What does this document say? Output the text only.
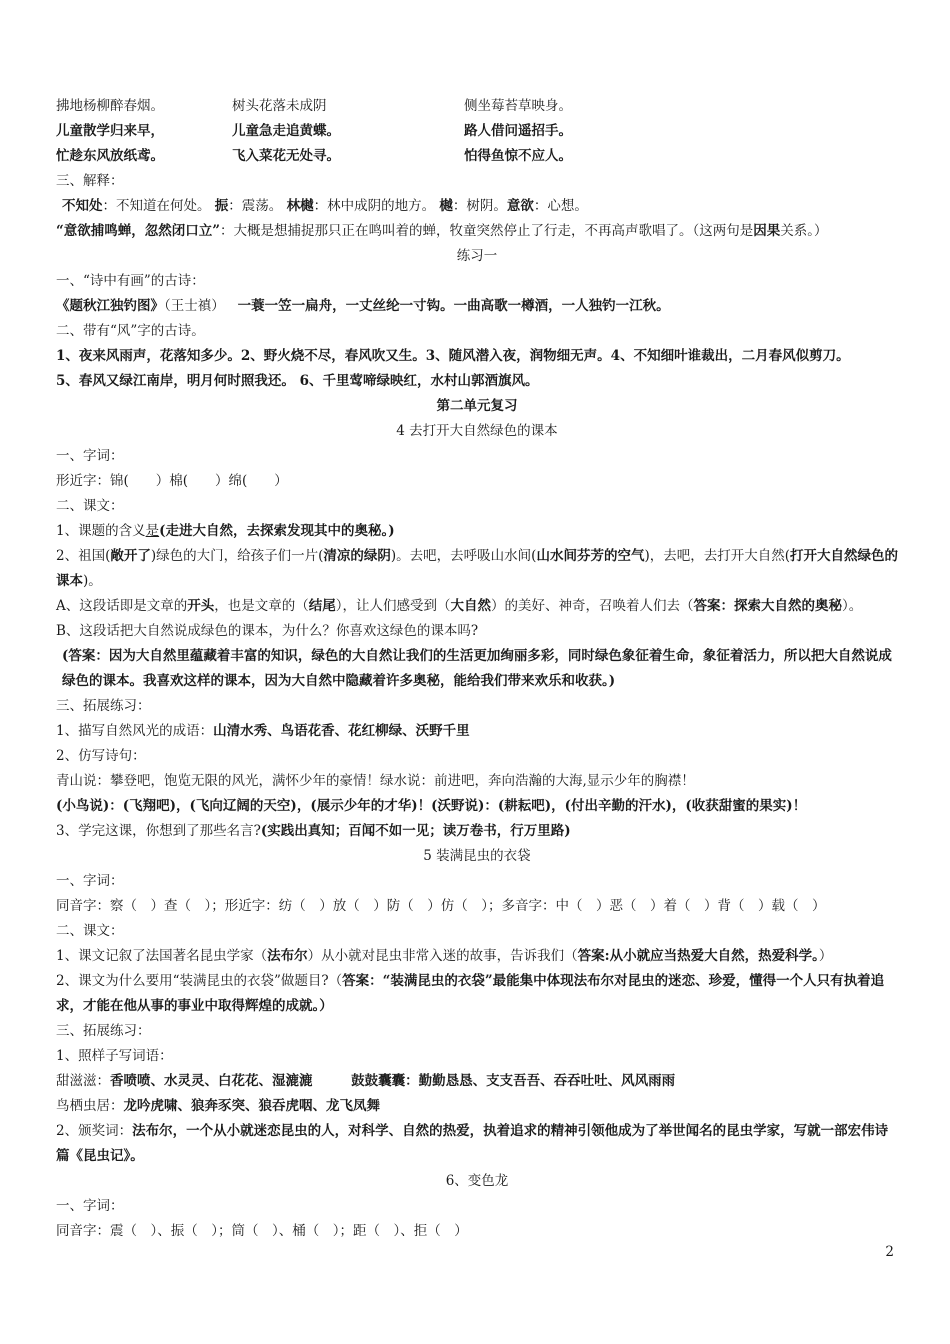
拂地杨柳醉春烟。	树头花落未成阴	侧坐莓苔草映身。
儿童散学归来早，	儿童急走追黄蝶。	路人借问遥招手。
忙趁东风放纸鸢。	飞入菜花无处寻。	怕得鱼惊不应人。
三、解释：
不知处：不知道在何处。 振：震荡。 林樾：林中成阴的地方。 樾：树阴。意欲：心想。
“意欲捕鸣蝉，忽然闭口立”：大概是想捕捉那只正在鸣叫着的蝉，牧童突然停止了行走，不再高声歌唱了。（这两句是因果关系。）
练习一
一、“诗中有画”的古诗：
《题秋江独钓图》（王士禛） 一蓑一笠一扁舟，一丈丝纶一寸钩。一曲高歌一樽酒，一人独钓一江秋。
二、带有“风”字的古诗。
1、夜来风雨声，花落知多少。2、野火烧不尽，春风吹又生。3、随风潜入夜，润物细无声。4、不知细叶谁裁出，二月春风似剪刀。
5、春风又绿江南岸，明月何时照我还。 6、千里莺啼绿映红，水村山郭酒旗风。
第二单元复习
4 去打开大自然绿色的课本
一、字词：
形近字：锦(　　）棉(　　）绵(　　）
二、课文：
1、课题的含义是(走进大自然，去探索发现其中的奥秘。)
2、祖国(敞开了)绿色的大门，给孩子们一片(清凉的绿阴)。去吧，去呼吸山水间(山水间芬芳的空气)，去吧，去打开大自然(打开大自然绿色的课本)。
A、这段话即是文章的开头，也是文章的（结尾），让人们感受到（大自然）的美好、神奇，召唤着人们去（答案：探索大自然的奥秘）。
B、这段话把大自然说成绿色的课本，为什么？你喜欢这绿色的课本吗?
(答案：因为大自然里蕴藏着丰富的知识，绿色的大自然让我们的生活更加绚丽多彩，同时绿色象征着生命，象征着活力，所以把大自然说成绿色的课本。我喜欢这样的课本，因为大自然中隐藏着许多奥秘，能给我们带来欢乐和收获。)
三、拓展练习：
1、描写自然风光的成语：山清水秀、鸟语花香、花红柳绿、沃野千里
2、仿写诗句：
青山说：攀登吧，饱览无限的风光，满怀少年的豪情！绿水说：前进吧，奔向浩瀚的大海,显示少年的胸襟！
(小鸟说)：(飞翔吧)，(飞向辽阔的天空)，(展示少年的才华)！(沃野说)：(耕耘吧)，(付出辛勤的汗水)，(收获甜蜜的果实)！
3、学完这课，你想到了那些名言?(实践出真知；百闻不如一见；读万卷书，行万里路)
5 装满昆虫的衣袋
一、字词：
同音字：察（　）查（　）；形近字：纺（　）放（　）防（　）仿（　）；多音字：中（　）恶（　）着（　）背（　）载（　）
二、课文：
1、课文记叙了法国著名昆虫学家（法布尔）从小就对昆虫非常入迷的故事，告诉我们（答案:从小就应当热爱大自然，热爱科学。）
2、课文为什么要用“装满昆虫的衣袋”做题目?（答案：“装满昆虫的衣袋”最能集中体现法布尔对昆虫的迷恋、珍爱，懂得一个人只有执着追求，才能在他从事的事业中取得辉煌的成就。）
三、拓展练习：
1、照样子写词语：
甜滋滋：香喷喷、水灵灵、白花花、湿漉漉	鼓鼓囊囊：勤勤恳恳、支支吾吾、吞吞吐吐、风风雨雨
鸟栖虫居：龙吟虎啸、狼奔豕突、狼吞虎咽、龙飞凤舞
2、颁奖词：法布尔，一个从小就迷恋昆虫的人，对科学、自然的热爱，执着追求的精神引领他成为了举世闻名的昆虫学家，写就一部宏伟诗篇《昆虫记》。
6、变色龙
一、字词：
同音字：震（　）、振（　）；筒（　）、桶（　）；距（　）、拒（　）
2
